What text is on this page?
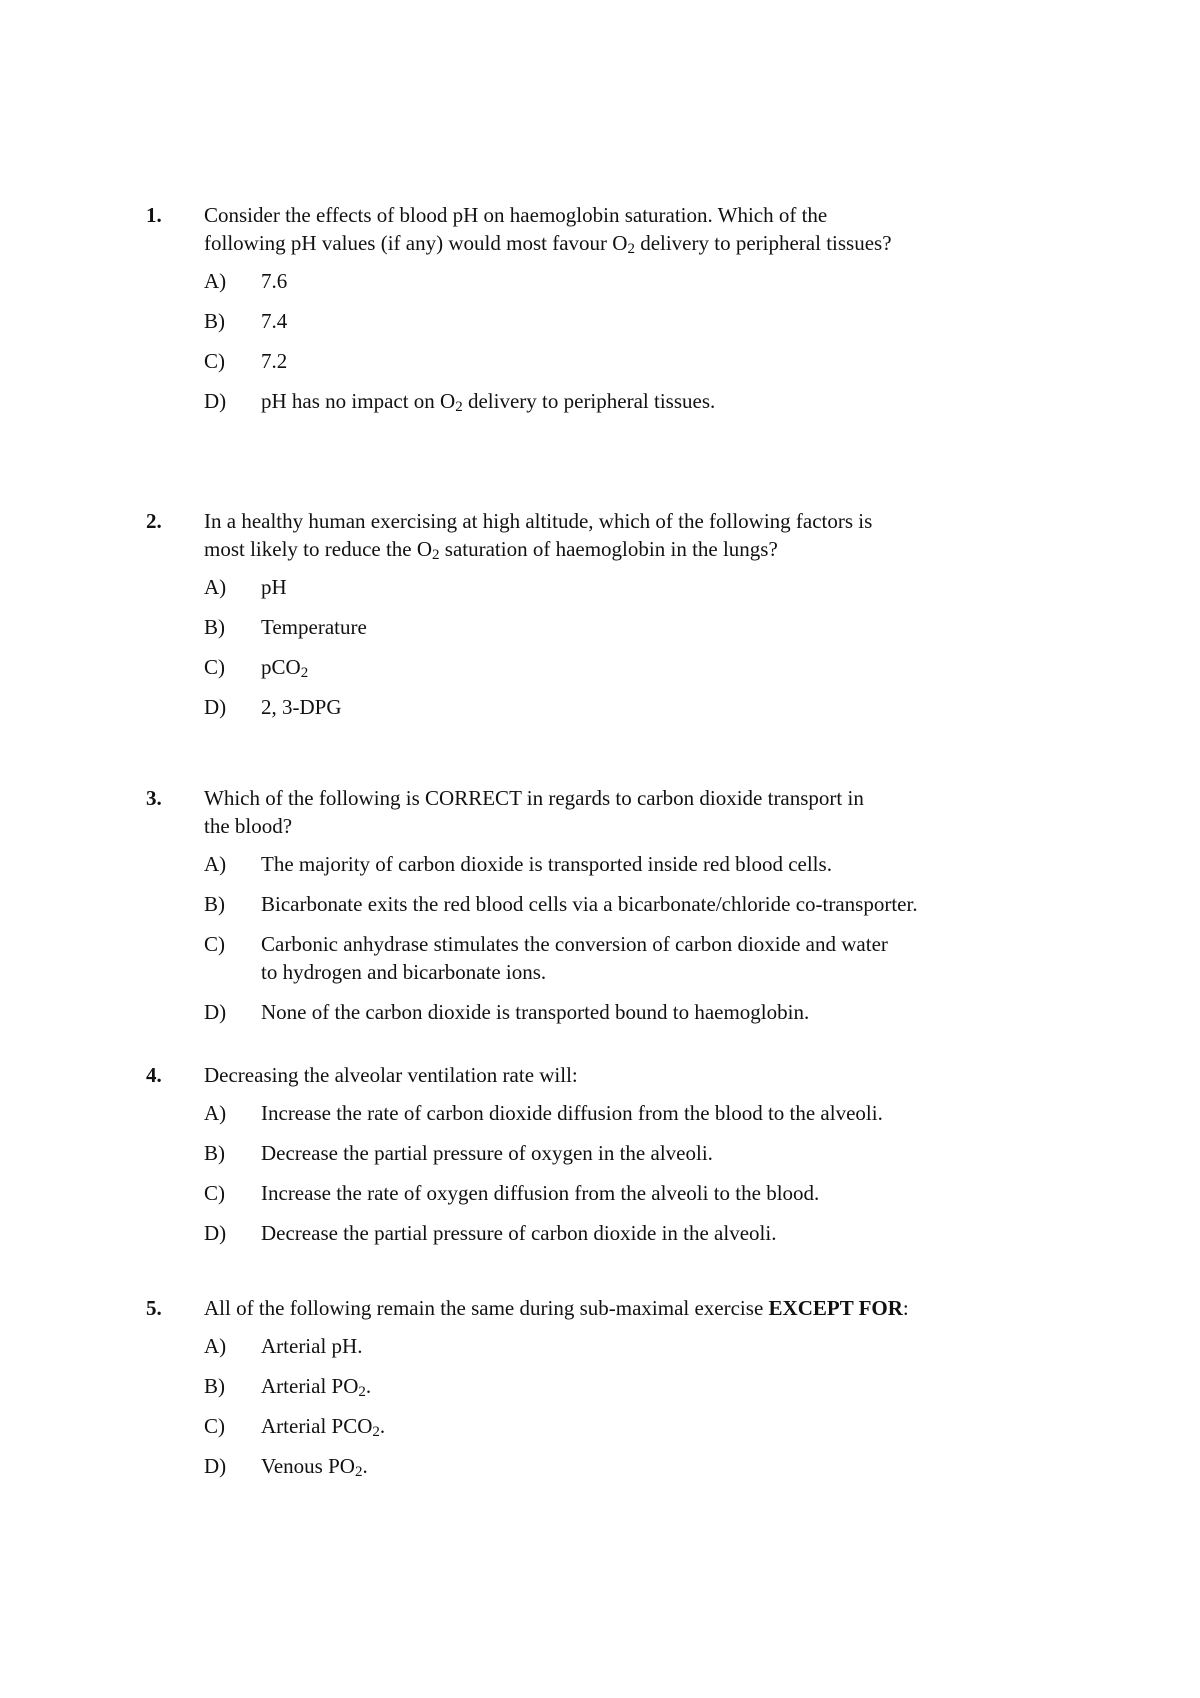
1. Consider the effects of blood pH on haemoglobin saturation. Which of the
following pH values (if any) would most favour $O_2$ delivery to peripheral tissues?
A) 7.6
B) 7.4
C) 7.2
D) pH has no impact on $O_2$ delivery to peripheral tissues.
2. In a healthy human exercising at high altitude, which of the following factors is
most likely to reduce the $O_2$ saturation of haemoglobin in the lungs?
A) pH
B) Temperature
C) pCO$_2$
D) 2, 3-DPG
3. Which of the following is CORRECT in regards to carbon dioxide transport in
the blood?
A) The majority of carbon dioxide is transported inside red blood cells.
B) Bicarbonate exits the red blood cells via a bicarbonate/chloride co-transporter.
C) Carbonic anhydrase stimulates the conversion of carbon dioxide and water
to hydrogen and bicarbonate ions.
D) None of the carbon dioxide is transported bound to haemoglobin.
4. Decreasing the alveolar ventilation rate will:
A) Increase the rate of carbon dioxide diffusion from the blood to the alveoli.
B) Decrease the partial pressure of oxygen in the alveoli.
C) Increase the rate of oxygen diffusion from the alveoli to the blood.
D) Decrease the partial pressure of carbon dioxide in the alveoli.
5. All of the following remain the same during sub-maximal exercise EXCEPT FOR:
A) Arterial pH.
B) Arterial $PO_2$.
C) Arterial $PCO_2$.
D) Venous $PO_2$.
